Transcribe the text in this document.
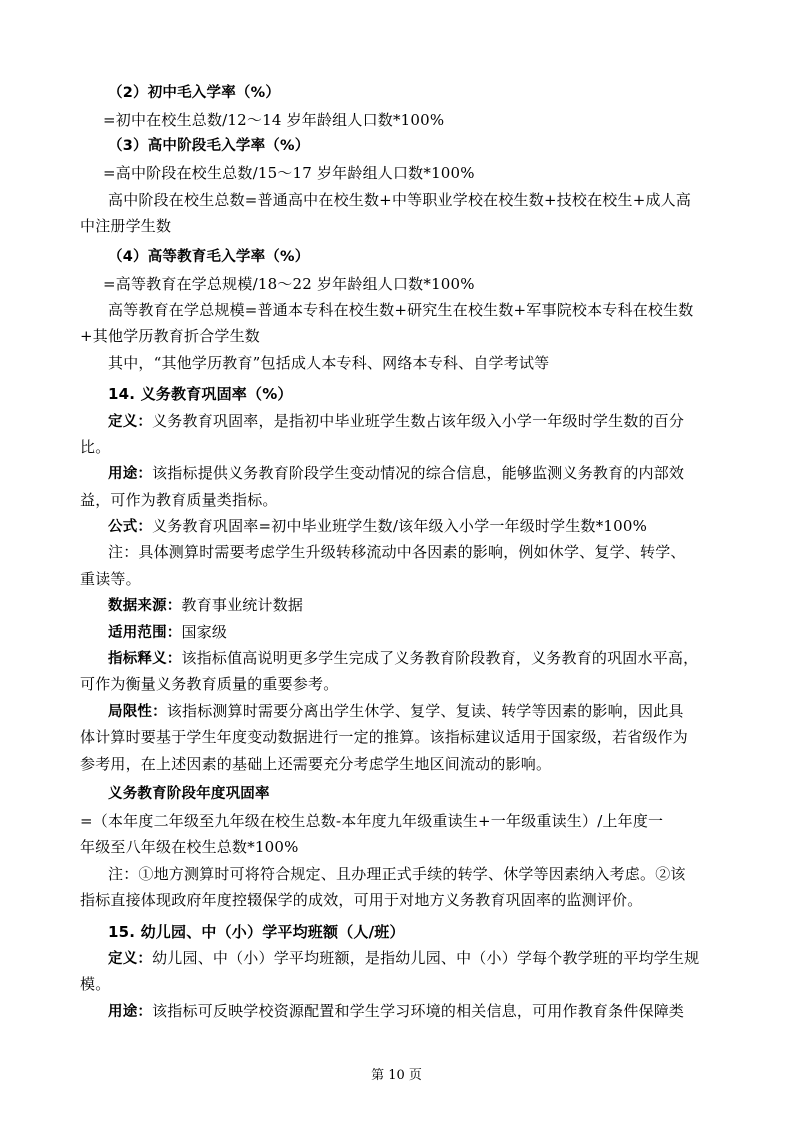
（2）初中毛入学率（%）
=初中在校生总数/12～14 岁年龄组人口数*100%
（3）高中阶段毛入学率（%）
=高中阶段在校生总数/15～17 岁年龄组人口数*100%
高中阶段在校生总数=普通高中在校生数+中等职业学校在校生数+技校在校生+成人高
中注册学生数
（4）高等教育毛入学率（%）
=高等教育在学总规模/18～22 岁年龄组人口数*100%
高等教育在学总规模=普通本专科在校生数+研究生在校生数+军事院校本专科在校生数
+其他学历教育折合学生数
其中，“其他学历教育”包括成人本专科、网络本专科、自学考试等
14. 义务教育巩固率（%）
定义：义务教育巩固率，是指初中毕业班学生数占该年级入小学一年级时学生数的百分
比。
用途：该指标提供义务教育阶段学生变动情况的综合信息，能够监测义务教育的内部效
益，可作为教育质量类指标。
公式：义务教育巩固率=初中毕业班学生数/该年级入小学一年级时学生数*100%
注：具体测算时需要考虑学生升级转移流动中各因素的影响，例如休学、复学、转学、
重读等。
数据来源：教育事业统计数据
适用范围：国家级
指标释义：该指标值高说明更多学生完成了义务教育阶段教育，义务教育的巩固水平高，
可作为衡量义务教育质量的重要参考。
局限性：该指标测算时需要分离出学生休学、复学、复读、转学等因素的影响，因此具
体计算时要基于学生年度变动数据进行一定的推算。该指标建议适用于国家级，若省级作为
参考用，在上述因素的基础上还需要充分考虑学生地区间流动的影响。
义务教育阶段年度巩固率
=（本年度二年级至九年级在校生总数-本年度九年级重读生+一年级重读生）/上年度一
年级至八年级在校生总数*100%
注：①地方测算时可将符合规定、且办理正式手续的转学、休学等因素纳入考虑。②该
指标直接体现政府年度控辍保学的成效，可用于对地方义务教育巩固率的监测评价。
15. 幼儿园、中（小）学平均班额（人/班）
定义：幼儿园、中（小）学平均班额，是指幼儿园、中（小）学每个教学班的平均学生规
模。
用途：该指标可反映学校资源配置和学生学习环境的相关信息，可用作教育条件保障类
第 10 页
